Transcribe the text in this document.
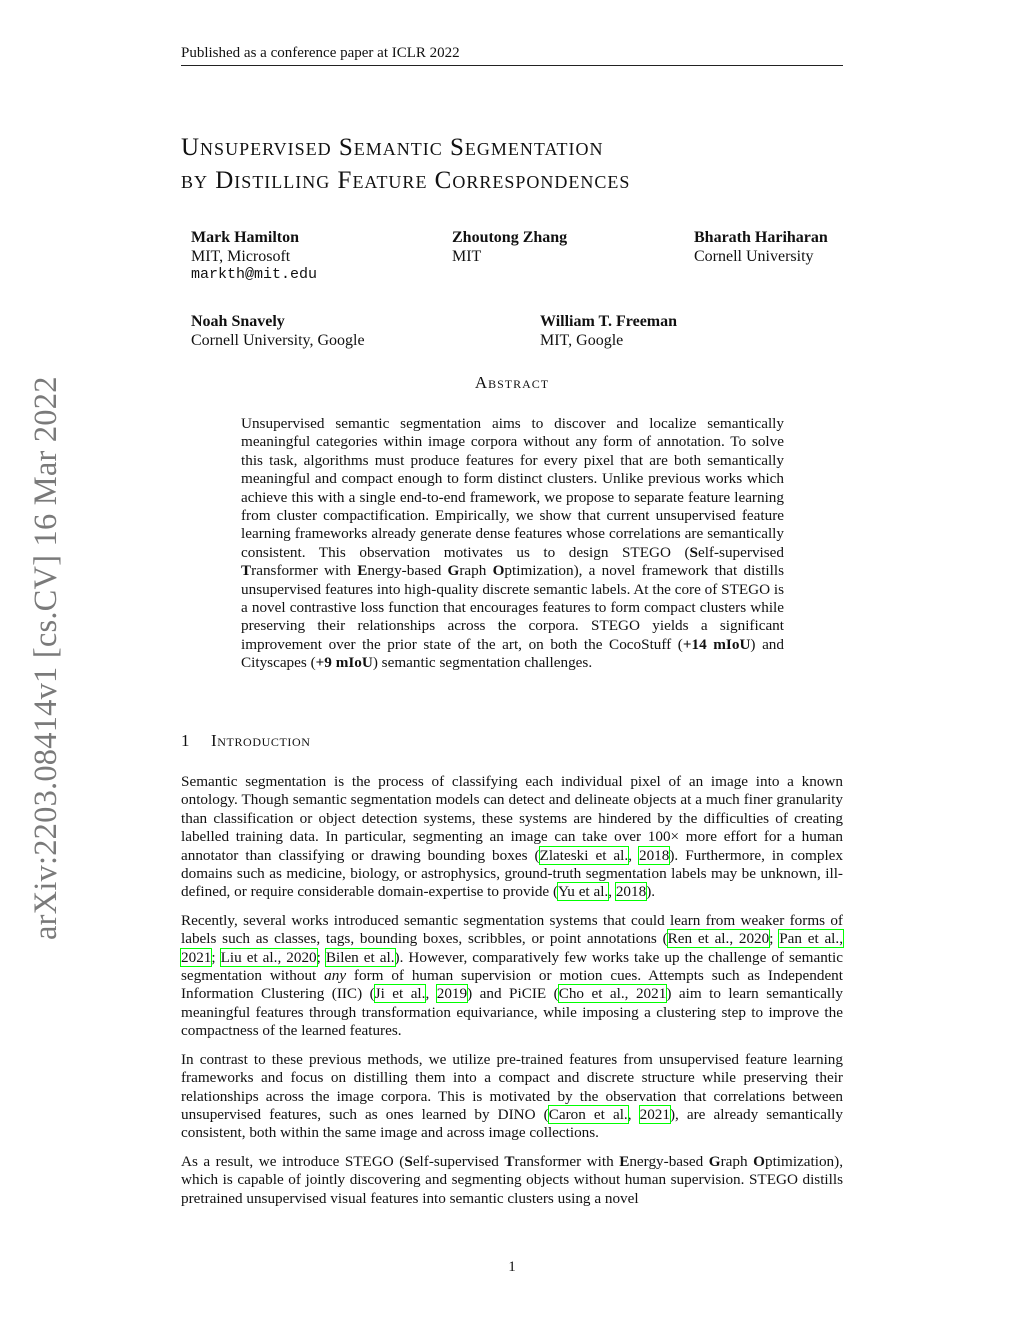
Published as a conference paper at ICLR 2022
arXiv:2203.08414v1 [cs.CV] 16 Mar 2022
Unsupervised Semantic Segmentation
by Distilling Feature Correspondences
Mark Hamilton
MIT, Microsoft
markth@mit.edu
Zhoutong Zhang
MIT
Bharath Hariharan
Cornell University
Noah Snavely
Cornell University, Google
William T. Freeman
MIT, Google
Abstract

Unsupervised semantic segmentation aims to discover and localize semantically meaningful categories within image corpora without any form of annotation. To solve this task, algorithms must produce features for every pixel that are both semantically meaningful and compact enough to form distinct clusters. Unlike previous works which achieve this with a single end-to-end framework, we propose to separate feature learning from cluster compactification. Empirically, we show that current unsupervised feature learning frameworks already generate dense features whose correlations are semantically consistent. This observation motivates us to design STEGO (Self-supervised Transformer with Energy-based Graph Optimization), a novel framework that distills unsupervised features into high-quality discrete semantic labels. At the core of STEGO is a novel contrastive loss function that encourages features to form compact clusters while preserving their relationships across the corpora. STEGO yields a significant improvement over the prior state of the art, on both the CocoStuff (+14 mIoU) and Cityscapes (+9 mIoU) semantic segmentation challenges.

1 Introduction

Semantic segmentation is the process of classifying each individual pixel of an image into a known ontology. Though semantic segmentation models can detect and delineate objects at a much finer granularity than classification or object detection systems, these systems are hindered by the difficulties of creating labelled training data. In particular, segmenting an image can take over 100× more effort for a human annotator than classifying or drawing bounding boxes (Zlateski et al., 2018). Furthermore, in complex domains such as medicine, biology, or astrophysics, ground-truth segmentation labels may be unknown, ill-defined, or require considerable domain-expertise to provide (Yu et al., 2018).

Recently, several works introduced semantic segmentation systems that could learn from weaker forms of labels such as classes, tags, bounding boxes, scribbles, or point annotations (Ren et al., 2020; Pan et al., 2021; Liu et al., 2020; Bilen et al.). However, comparatively few works take up the challenge of semantic segmentation without any form of human supervision or motion cues. Attempts such as Independent Information Clustering (IIC) (Ji et al., 2019) and PiCIE (Cho et al., 2021) aim to learn semantically meaningful features through transformation equivariance, while imposing a clustering step to improve the compactness of the learned features.

In contrast to these previous methods, we utilize pre-trained features from unsupervised feature learning frameworks and focus on distilling them into a compact and discrete structure while preserving their relationships across the image corpora. This is motivated by the observation that correlations between unsupervised features, such as ones learned by DINO (Caron et al., 2021), are already semantically consistent, both within the same image and across image collections.

As a result, we introduce STEGO (Self-supervised Transformer with Energy-based Graph Optimization), which is capable of jointly discovering and segmenting objects without human supervision. STEGO distills pretrained unsupervised visual features into semantic clusters using a novel

1
